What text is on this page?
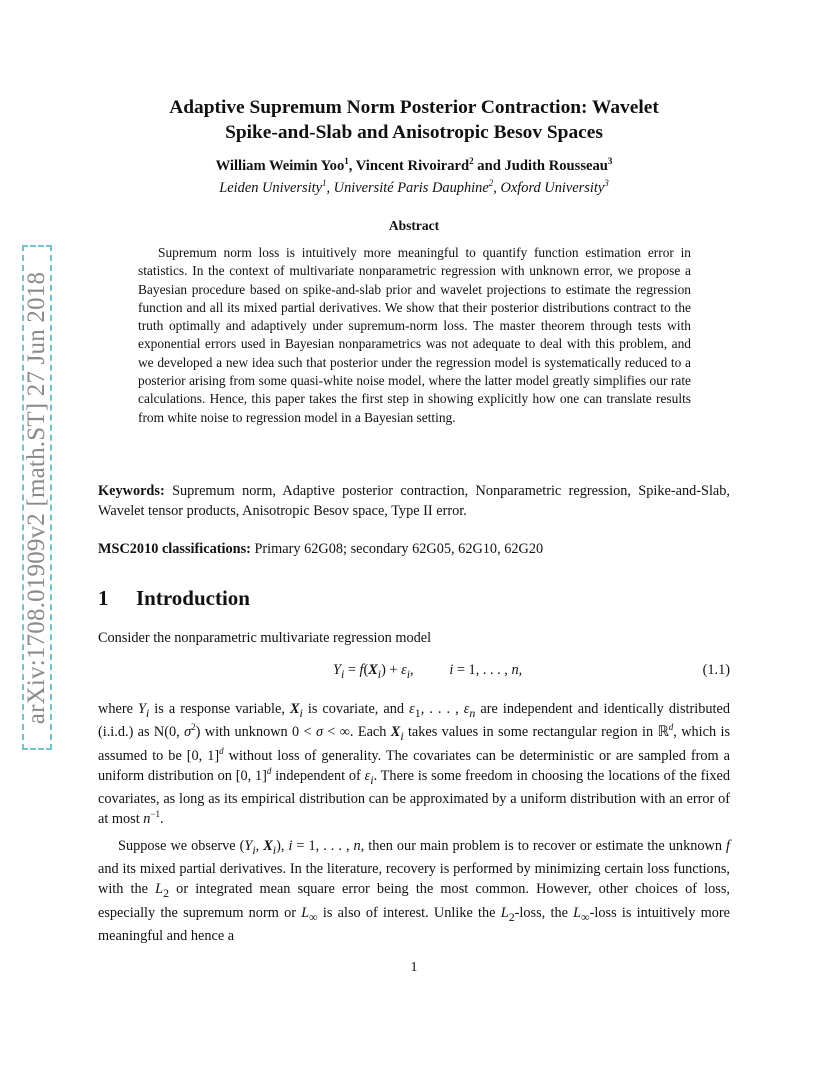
arXiv:1708.01909v2 [math.ST] 27 Jun 2018
Adaptive Supremum Norm Posterior Contraction: Wavelet
Spike-and-Slab and Anisotropic Besov Spaces
William Weimin Yoo$^1$, Vincent Rivoirard$^2$ and Judith Rousseau$^3$
Leiden University$^1$, Université Paris Dauphine$^2$, Oxford University$^3$
Abstract
Supremum norm loss is intuitively more meaningful to quantify function estimation error in statistics. In the context of multivariate nonparametric regression with unknown error, we propose a Bayesian procedure based on spike-and-slab prior and wavelet projections to estimate the regression function and all its mixed partial derivatives. We show that their posterior distributions contract to the truth optimally and adaptively under supremum-norm loss. The master theorem through tests with exponential errors used in Bayesian nonparametrics was not adequate to deal with this problem, and we developed a new idea such that posterior under the regression model is systematically reduced to a posterior arising from some quasi-white noise model, where the latter model greatly simplifies our rate calculations. Hence, this paper takes the first step in showing explicitly how one can translate results from white noise to regression model in a Bayesian setting.
Keywords: Supremum norm, Adaptive posterior contraction, Nonparametric regression, Spike-and-Slab, Wavelet tensor products, Anisotropic Besov space, Type II error.
MSC2010 classifications: Primary 62G08; secondary 62G05, 62G10, 62G20
1 Introduction
Consider the nonparametric multivariate regression model
$Y_i = f(X_i) + \varepsilon_i$,          i = 1, . . . , n,	(1.1)
where $Y_i$ is a response variable, $X_i$ is covariate, and $\varepsilon_1$, . . . , $\varepsilon_n$ are independent and identically distributed (i.i.d.) as N(0, $\sigma^2$) with unknown 0 < σ < ∞. Each $X_i$ takes values in some rectangular region in ℝ$^d$, which is assumed to be [0, 1]$^d$ without loss of generality. The covariates can be deterministic or are sampled from a uniform distribution on [0, 1]$^d$ independent of $\varepsilon_i$. There is some freedom in choosing the locations of the fixed covariates, as long as its empirical distribution can be approximated by a uniform distribution with an error of at most $n^{-1}$.
Suppose we observe ($Y_i$, $X_i$), i = 1, . . . , n, then our main problem is to recover or estimate the unknown f and its mixed partial derivatives. In the literature, recovery is performed by minimizing certain loss functions, with the $L_2$ or integrated mean square error being the most common. However, other choices of loss, especially the supremum norm or $L_\infty$ is also of interest. Unlike the $L_2$-loss, the $L_\infty$-loss is intuitively more meaningful and hence a
1
